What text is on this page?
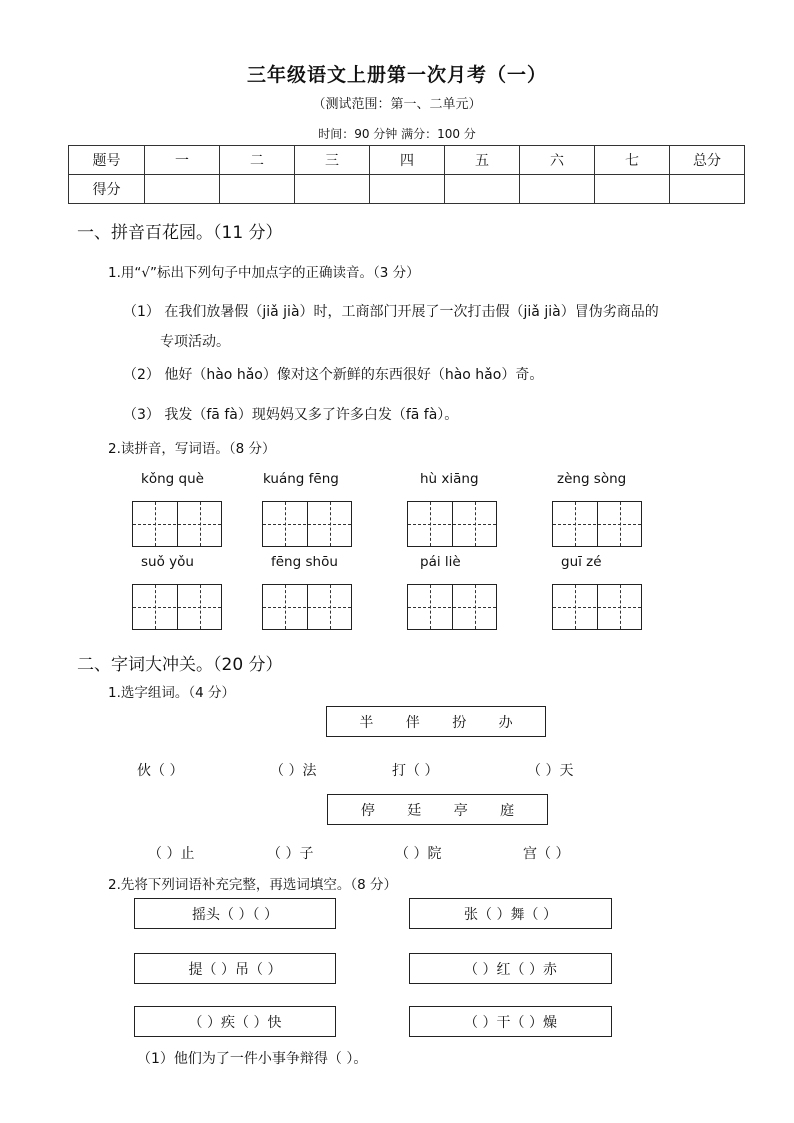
三年级语文上册第一次月考（一）
（测试范围：第一、二单元）
时间：90 分钟 满分：100 分
题号	一	二	三	四	五	六	七	总分
得分								
一、拼音百花园。（11 分）
1.用“√”标出下列句子中加点字的正确读音。（3 分）
（1） 在我们放暑假（jiǎ jià）时，工商部门开展了一次打击假（jiǎ jià）冒伪劣商品的
专项活动。
（2） 他好（hào hǎo）像对这个新鲜的东西很好（hào hǎo）奇。
（3） 我发（fā fà）现妈妈又多了许多白发（fā fà）。
2.读拼音，写词语。（8 分）
kǒng què	kuáng fēng	hù xiāng	zèng sòng
suǒ yǒu	fēng shōu	pái liè	guī zé
二、字词大冲关。（20 分）
1.选字组词。（4 分）
半 伴 扮 办
伙（ ）	（ ）法	打（ ）	（ ）天
停 廷 亭 庭
（ ）止	（ ）子	（ ）院	宫（ ）
2.先将下列词语补充完整，再选词填空。（8 分）
摇头（ ）（ ）	张（ ）舞（ ）
提（ ）吊（ ）	（ ）红（ ）赤
（ ）疾（ ）快	（ ）干（ ）燥
（1）他们为了一件小事争辩得（ ）。
